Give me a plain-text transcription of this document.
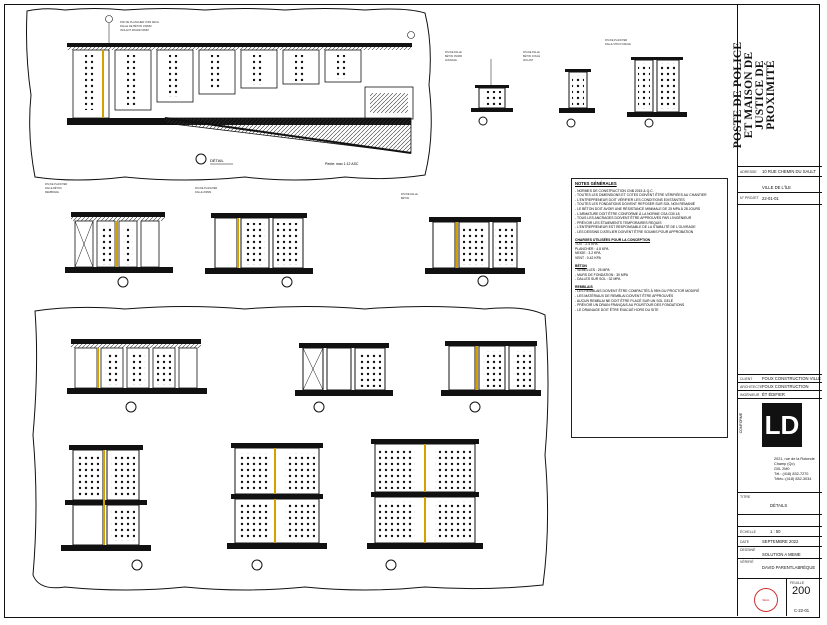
DÉTAIL
Pente: max 1:12 ASC
FINI DE PLANCHER VOIR ARCH
DALLE DE BÉTON 150MM
ISOLANT RIGIDE 50MM
FINI DE DALLE
BÉTON 150MM
ANCRAGE
FINI DE DALLE
BÉTON COULÉ
ISOLANT
FINI DE PLANCHER
DALLE STRUCTURALE
FINI DE PLANCHER
DALLE BÉTON
MEMBRANE
FINI DE PLANCHER
DALLE 200MM
FINI DE DALLE
BÉTON
NOTES GÉNÉRALES
- NORMES DE CONSTRUCTION CNB 2015 & Q.C.
- TOUTES LES DIMENSIONS ET COTES DOIVENT ÊTRE VÉRIFIÉES AU CHANTIER
- L'ENTREPRENEUR DOIT VÉRIFIER LES CONDITIONS EXISTANTES
- TOUTES LES FONDATIONS DOIVENT REPOSER SUR SOL NON REMANIÉ
- LE BÉTON DOIT AVOIR UNE RÉSISTANCE MINIMALE DE 25 MPA À 28 JOURS
- L'ARMATURE DOIT ÊTRE CONFORME À LA NORME CSA G30.18
- TOUS LES ANCRAGES DOIVENT ÊTRE APPROUVÉS PAR L'INGÉNIEUR
- PRÉVOIR LES ÉTAIEMENTS TEMPORAIRES REQUIS
- L'ENTREPRENEUR EST RESPONSABLE DE LA STABILITÉ DE L'OUVRAGE
- LES DESSINS D'ATELIER DOIVENT ÊTRE SOUMIS POUR APPROBATION
CHARGES UTILISÉES POUR LA CONCEPTION
TOIT : 2.4 KPA
PLANCHER : 4.8 KPA
NEIGE : 3.2 KPA
VENT : 0.42 KPA
BÉTON
- SEMELLES : 25 MPA
- MURS DE FONDATION : 30 MPA
- DALLES SUR SOL : 32 MPA
REMBLAIS
- LES REMBLAIS DOIVENT ÊTRE COMPACTÉS À 95% DU PROCTOR MODIFIÉ
- LES MATÉRIAUX DE REMBLAI DOIVENT ÊTRE APPROUVÉS
- AUCUN REMBLAI NE DOIT ÊTRE PLACÉ SUR UN SOL GELÉ
- PRÉVOIR UN DRAIN FRANÇAIS AU POURTOUR DES FONDATIONS
- LE DRAINAGE DOIT ÊTRE ÉVACUÉ HORS DU SITE
POSTE DE POLICE ET MAISON DE JUSTICE DE PROXIMITÉ
ADRESSE 10 RUE CHEMIN DU SAULT
VILLE DE L'ÎLE
N° PROJET 22-01-01
CLIENT FOUX CONSTRUCTION VILLE
ARCHITECTE FOUX CONSTRUCTION
INGÉNIEUR ÉT ÉDIFIER
CONFORME LD
2021, rue de la Rotonde
Champ (Qc)
G0L 2M0
Tél.: (418) 832-7270
Téléc.:(418) 832-3034
TITRE
DÉTAILS
ÉCHELLE	1 : 50
DATE	SEPTEMBRE 2022
DESSINÉ
SOLUTION A MEME
VÉRIFIÉ
DAVID PARENTLABRÈQUE
SEAL
FEUILLE
200
C-22-01
